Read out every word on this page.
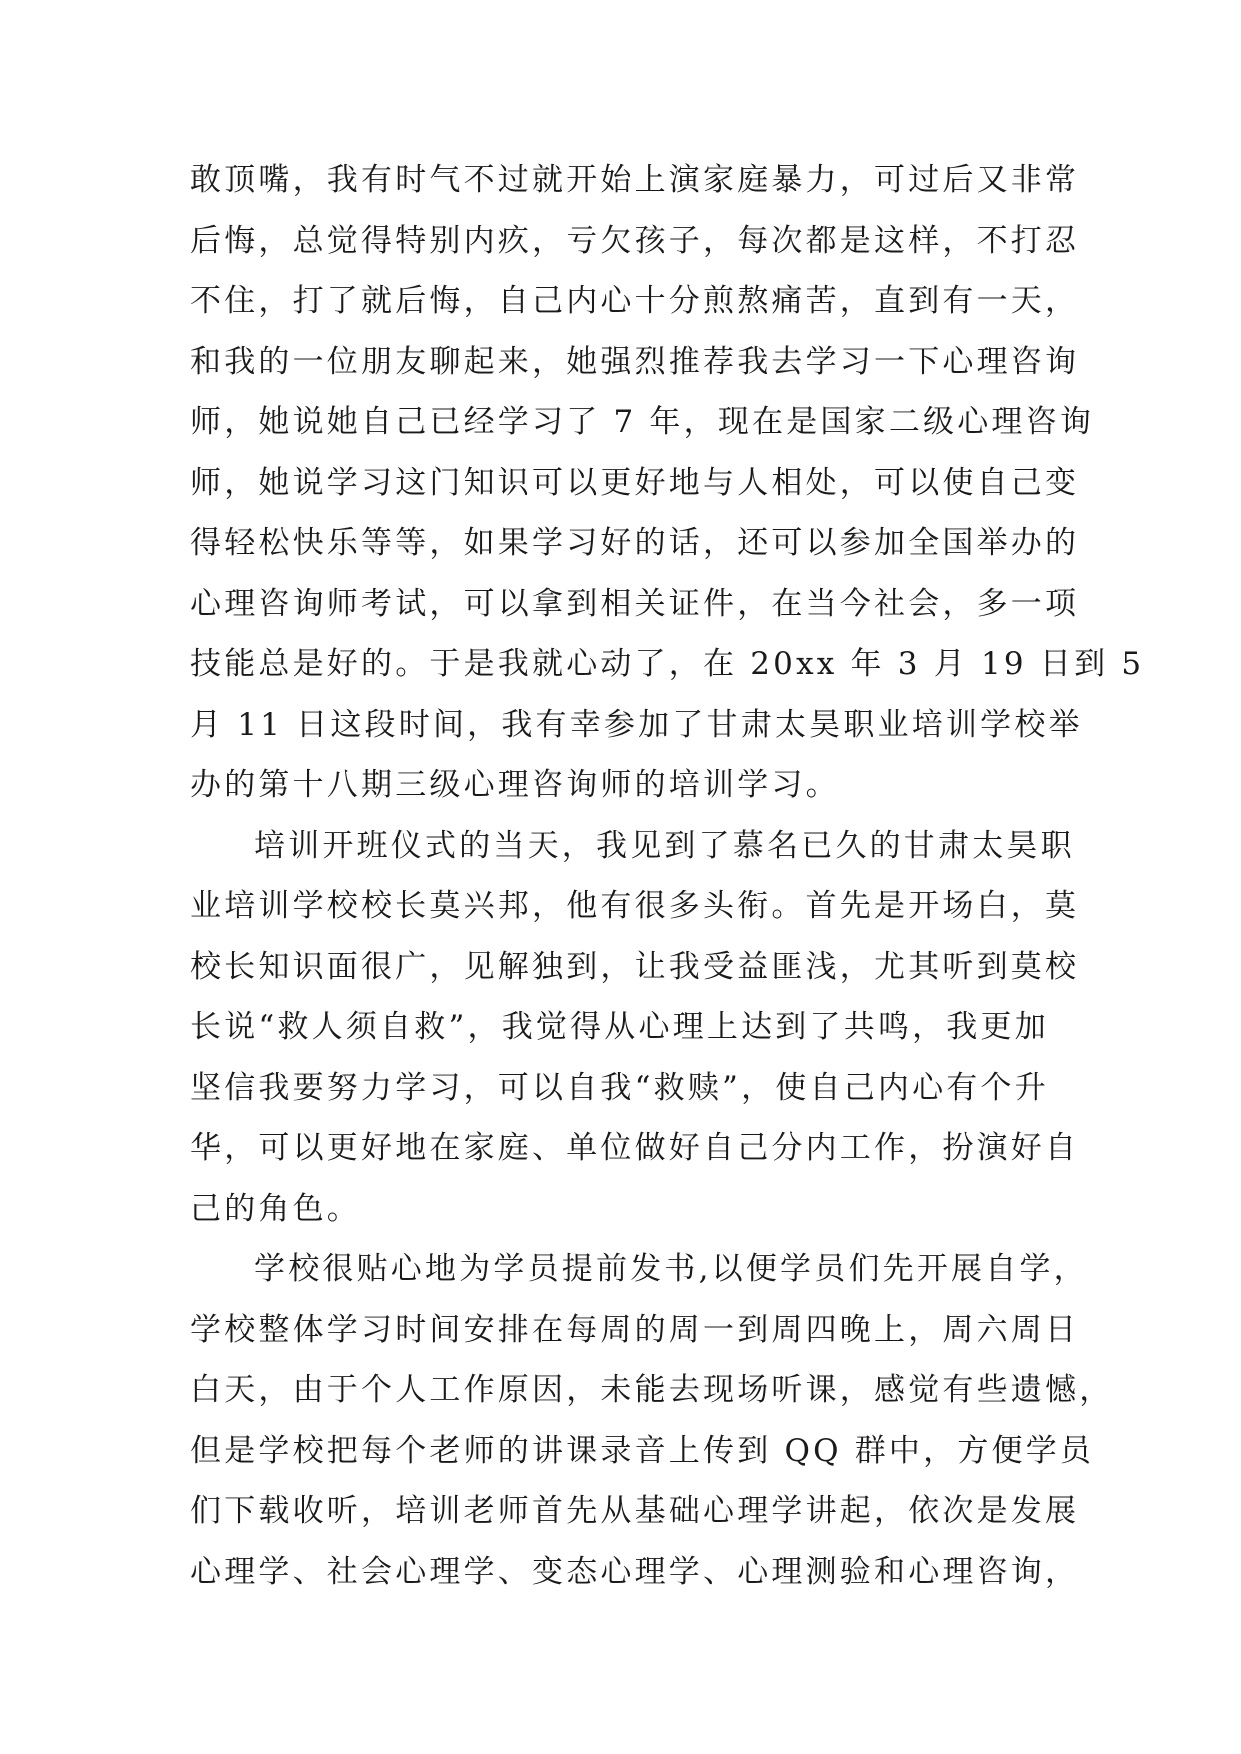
敢顶嘴，我有时气不过就开始上演家庭暴力，可过后又非常
后悔，总觉得特别内疚，亏欠孩子，每次都是这样，不打忍
不住，打了就后悔，自己内心十分煎熬痛苦，直到有一天，
和我的一位朋友聊起来，她强烈推荐我去学习一下心理咨询
师，她说她自己已经学习了 7 年，现在是国家二级心理咨询
师，她说学习这门知识可以更好地与人相处，可以使自己变
得轻松快乐等等，如果学习好的话，还可以参加全国举办的
心理咨询师考试，可以拿到相关证件，在当今社会，多一项
技能总是好的。于是我就心动了，在 20xx 年 3 月 19 日到 5
月 11 日这段时间，我有幸参加了甘肃太昊职业培训学校举
办的第十八期三级心理咨询师的培训学习。
培训开班仪式的当天，我见到了慕名已久的甘肃太昊职
业培训学校校长莫兴邦，他有很多头衔。首先是开场白，莫
校长知识面很广，见解独到，让我受益匪浅，尤其听到莫校
长说“救人须自救”，我觉得从心理上达到了共鸣，我更加
坚信我要努力学习，可以自我“救赎”，使自己内心有个升
华，可以更好地在家庭、单位做好自己分内工作，扮演好自
己的角色。
学校很贴心地为学员提前发书,以便学员们先开展自学，
学校整体学习时间安排在每周的周一到周四晚上，周六周日
白天，由于个人工作原因，未能去现场听课，感觉有些遗憾，
但是学校把每个老师的讲课录音上传到 QQ 群中，方便学员
们下载收听，培训老师首先从基础心理学讲起，依次是发展
心理学、社会心理学、变态心理学、心理测验和心理咨询，
